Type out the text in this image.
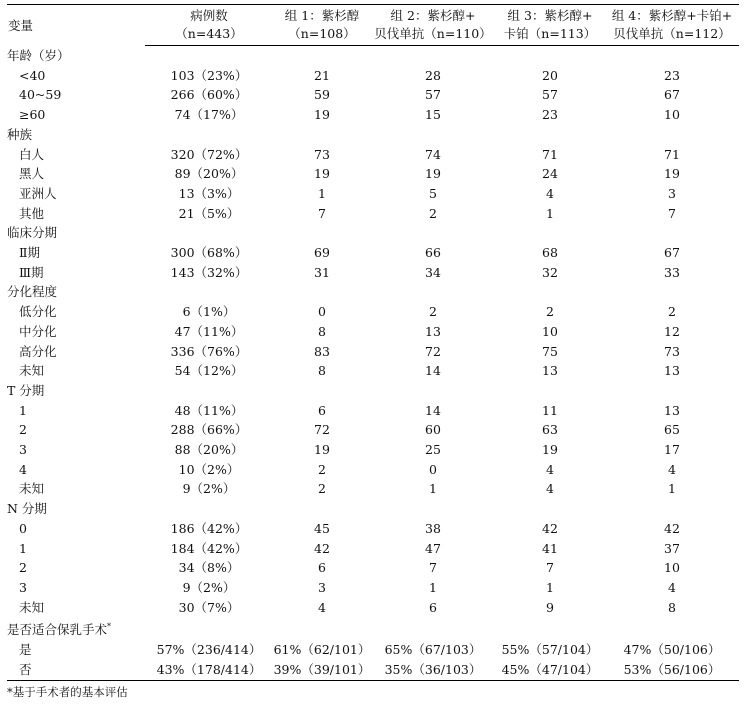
变量	病例数	组 1：紫杉醇	组 2：紫杉醇+	组 3：紫杉醇+	组 4：紫杉醇+卡铂+
	（n=443）	（n=108）	贝伐单抗（n=110）	卡铂（n=113）	贝伐单抗（n=112）
年龄（岁）					
<40	103（23%）	21	28	20	23
40~59	266（60%）	59	57	57	67
≥60	74（17%）	19	15	23	10
种族					
白人	320（72%）	73	74	71	71
黑人	89（20%）	19	19	24	19
亚洲人	13（3%）	1	5	4	3
其他	21（5%）	7	2	1	7
临床分期					
Ⅱ期	300（68%）	69	66	68	67
Ⅲ期	143（32%）	31	34	32	33
分化程度					
低分化	6（1%）	0	2	2	2
中分化	47（11%）	8	13	10	12
高分化	336（76%）	83	72	75	73
未知	54（12%）	8	14	13	13
T 分期					
1	48（11%）	6	14	11	13
2	288（66%）	72	60	63	65
3	88（20%）	19	25	19	17
4	10（2%）	2	0	4	4
未知	9（2%）	2	1	4	1
N 分期					
0	186（42%）	45	38	42	42
1	184（42%）	42	47	41	37
2	34（8%）	6	7	7	10
3	9（2%）	3	1	1	4
未知	30（7%）	4	6	9	8
是否适合保乳手术*	
是	57%（236/414）	61%（62/101）	65%（67/103）	55%（57/104）	47%（50/106）
否	43%（178/414）	39%（39/101）	35%（36/103）	45%（47/104）	53%（56/106）
*基于手术者的基本评估
